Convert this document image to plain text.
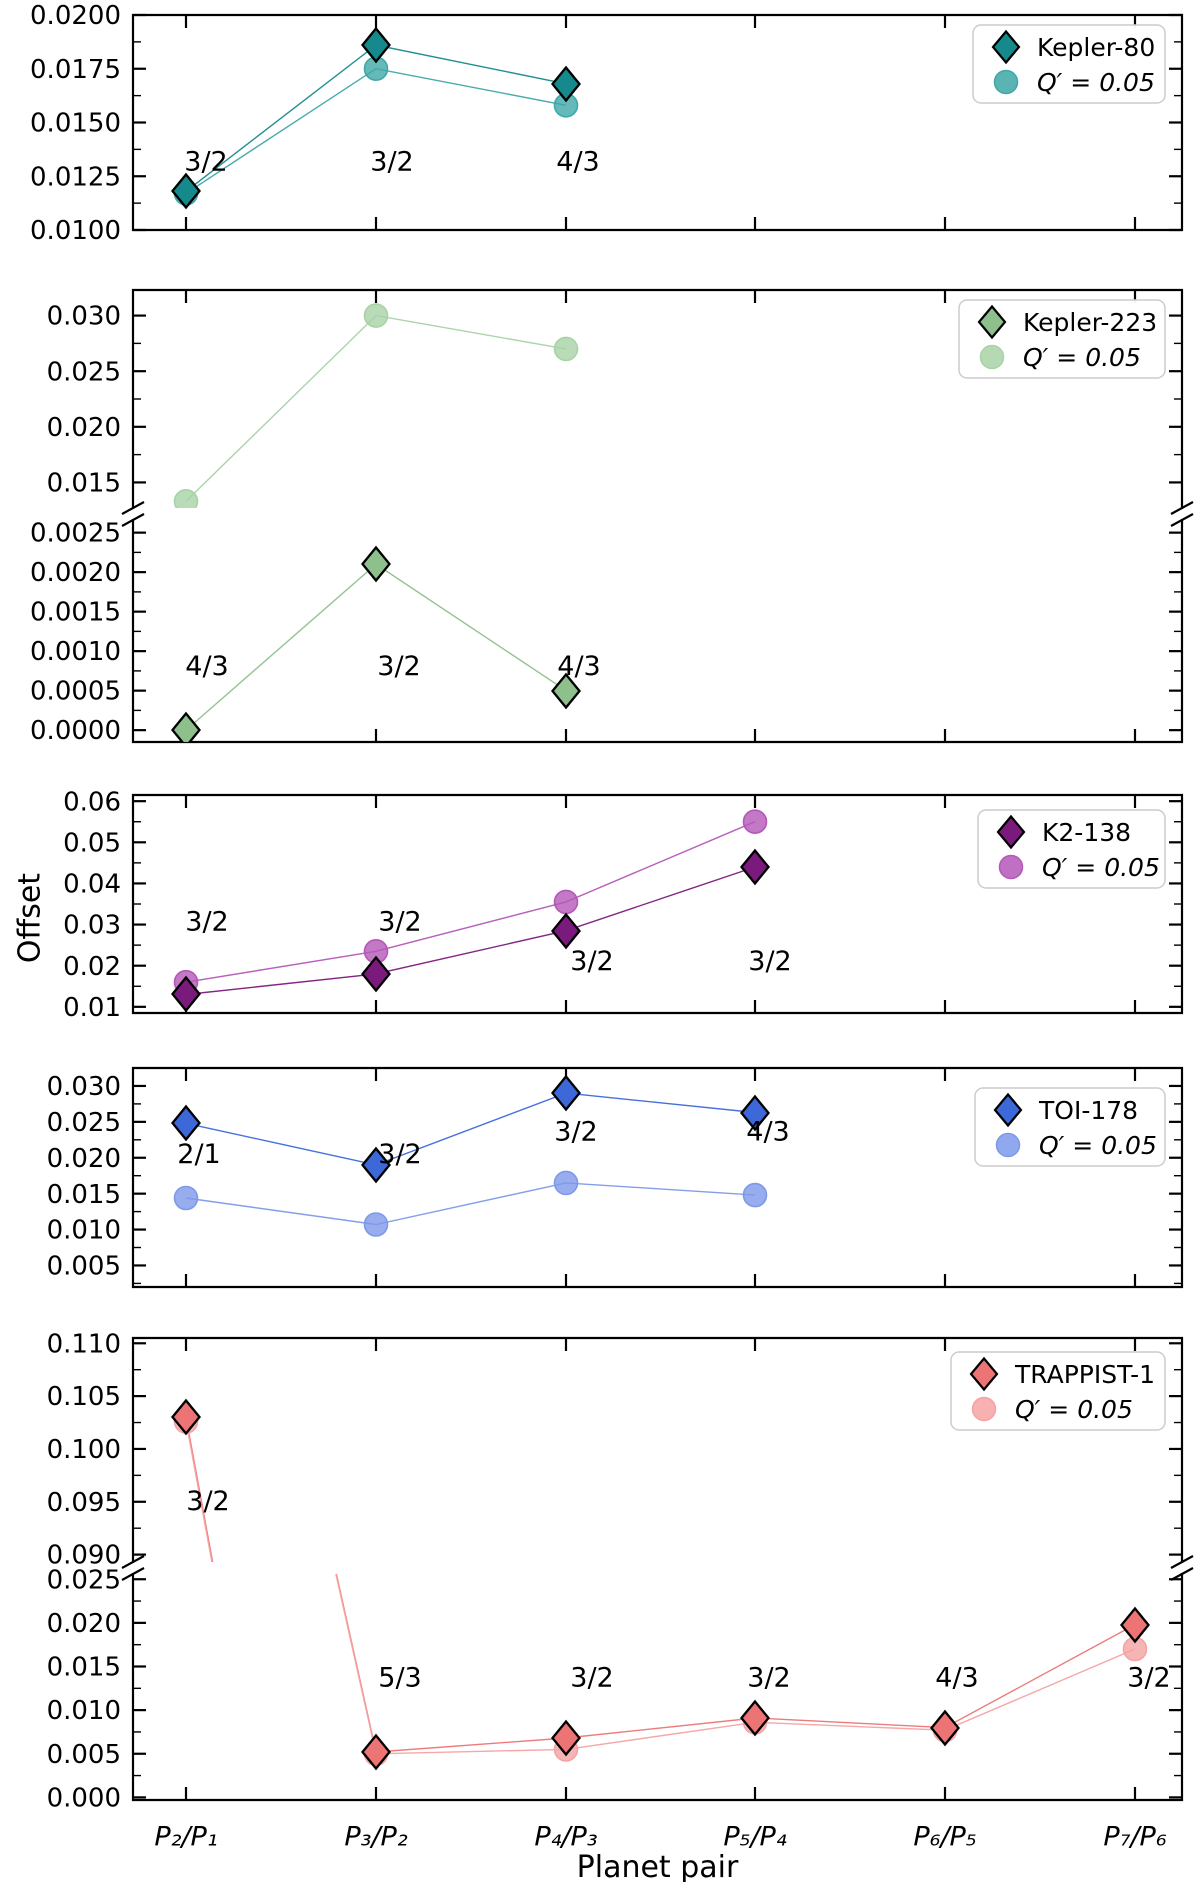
0.0100
0.0125
0.0150
0.0175
0.0200
3/2	3/2	4/3
Kepler-80
Q′ = 0.05
0.015
0.020
0.025
0.030
0.0000
0.0005
0.0010
0.0015
0.0020
0.0025
4/3	3/2	4/3
Kepler-223
Q′ = 0.05
0.01
0.02
0.03
0.04
0.05
0.06
3/2	3/2
3/2	3/2
K2-138
Q′ = 0.05
0.005
0.010
0.015
0.020
0.025
0.030
2/1	3/2
3/2	4/3
TOI-178
Q′ = 0.05
0.090
0.095
0.100
0.105
0.110
0.000
0.005
0.010
0.015
0.020
0.025
3/2
5/3	3/2	3/2	4/3	3/2
TRAPPIST-1
Q′ = 0.05
P₂/P₁	P₃/P₂	P₄/P₃	P₅/P₄	P₆/P₅	P₇/P₆
Planet pair
Offset
